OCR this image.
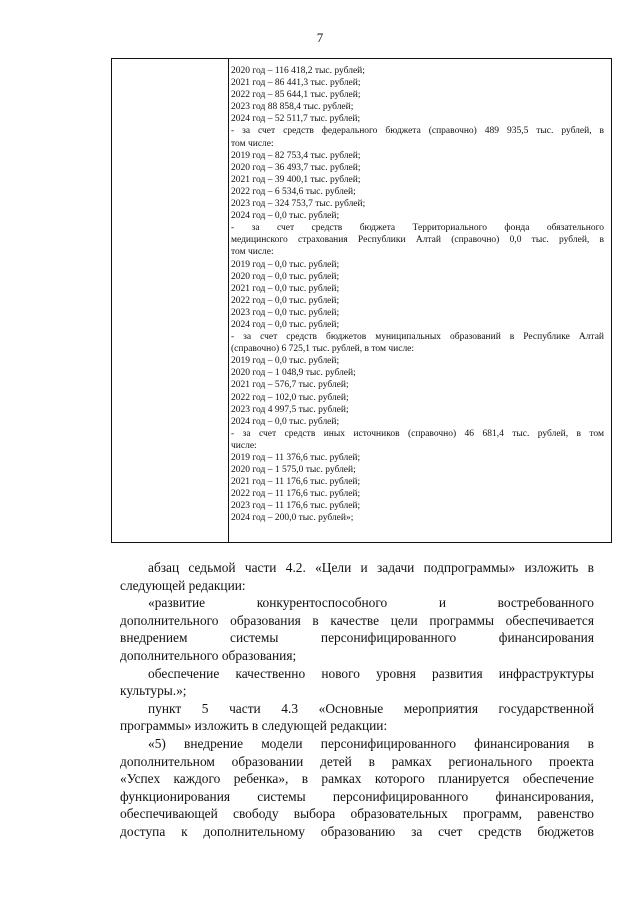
7
2020 год – 116 418,2 тыс. рублей;
2021 год – 86 441,3 тыс. рублей;
2022 год – 85 644,1 тыс. рублей;
2023 год 88 858,4 тыс. рублей;
2024 год – 52 511,7 тыс. рублей;
- за счет средств федерального бюджета (справочно) 489 935,5 тыс. рублей, в
том числе:
2019 год – 82 753,4 тыс. рублей;
2020 год – 36 493,7 тыс. рублей;
2021 год – 39 400,1 тыс. рублей;
2022 год – 6 534,6 тыс. рублей;
2023 год – 324 753,7 тыс. рублей;
2024 год – 0,0 тыс. рублей;
- за счет средств бюджета Территориального фонда обязательного
медицинского страхования Республики Алтай (справочно) 0,0 тыс. рублей, в
том числе:
2019 год – 0,0 тыс. рублей;
2020 год – 0,0 тыс. рублей;
2021 год – 0,0 тыс. рублей;
2022 год – 0,0 тыс. рублей;
2023 год – 0,0 тыс. рублей;
2024 год – 0,0 тыс. рублей;
- за счет средств бюджетов муниципальных образований в Республике Алтай
(справочно) 6 725,1 тыс. рублей, в том числе:
2019 год – 0,0 тыс. рублей;
2020 год – 1 048,9 тыс. рублей;
2021 год – 576,7 тыс. рублей;
2022 год – 102,0 тыс. рублей;
2023 год 4 997,5 тыс. рублей;
2024 год – 0,0 тыс. рублей;
- за счет средств иных источников (справочно) 46 681,4 тыс. рублей, в том
числе:
2019 год – 11 376,6 тыс. рублей;
2020 год – 1 575,0 тыс. рублей;
2021 год – 11 176,6 тыс. рублей;
2022 год – 11 176,6 тыс. рублей;
2023 год – 11 176,6 тыс. рублей;
2024 год – 200,0 тыс. рублей»;
абзац седьмой части 4.2. «Цели и задачи подпрограммы» изложить в
следующей редакции:
«развитие конкурентоспособного и востребованного
дополнительного образования в качестве цели программы обеспечивается
внедрением системы персонифицированного финансирования
дополнительного образования;
обеспечение качественно нового уровня развития инфраструктуры
культуры.»;
пункт 5 части 4.3 «Основные мероприятия государственной
программы» изложить в следующей редакции:
«5) внедрение модели персонифицированного финансирования в
дополнительном образовании детей в рамках регионального проекта
«Успех каждого ребенка», в рамках которого планируется обеспечение
функционирования системы персонифицированного финансирования,
обеспечивающей свободу выбора образовательных программ, равенство
доступа к дополнительному образованию за счет средств бюджетов
